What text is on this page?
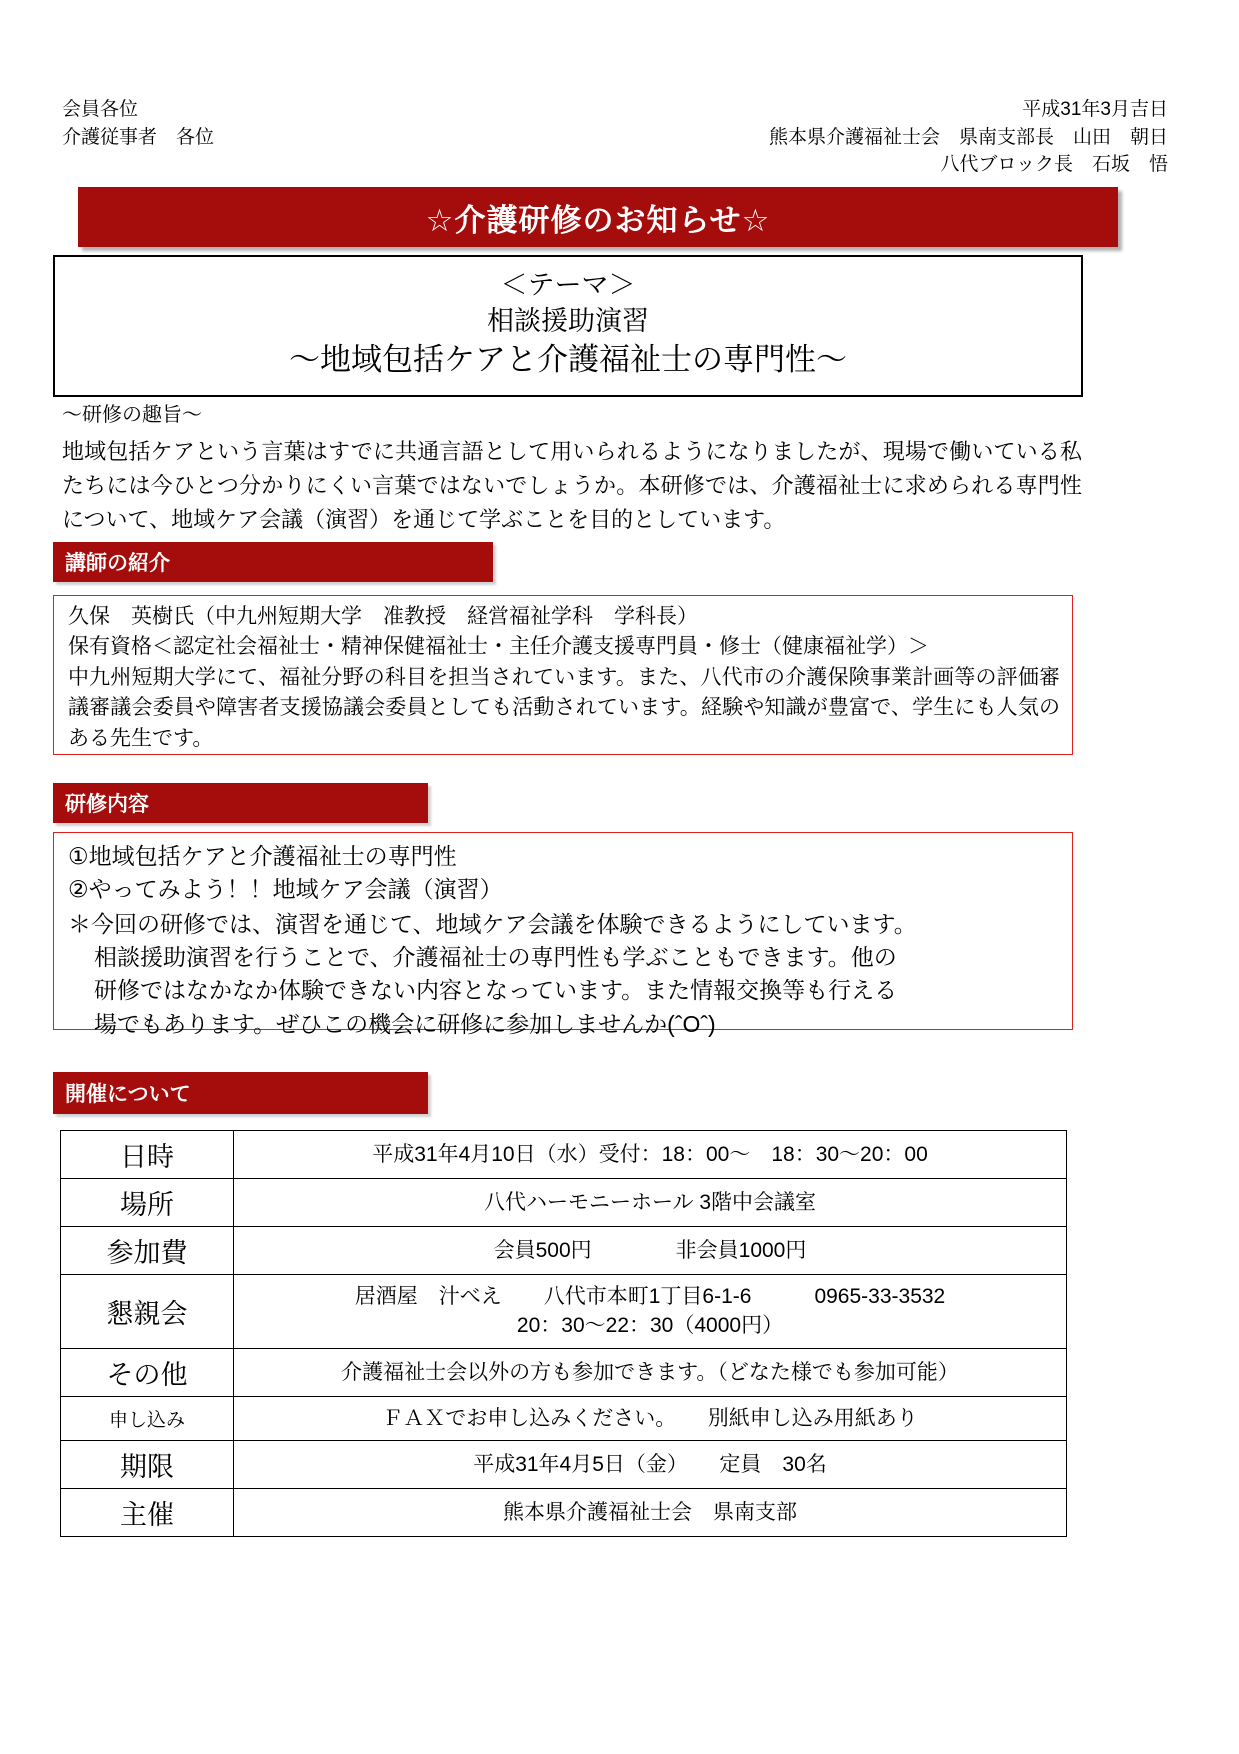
会員各位
介護従事者　各位
平成31年3月吉日
熊本県介護福祉士会　県南支部長　山田　朝日
八代ブロック長　石坂　悟
☆介護研修のお知らせ☆
＜テーマ＞
相談援助演習
〜地域包括ケアと介護福祉士の専門性〜
〜研修の趣旨〜
地域包括ケアという言葉はすでに共通言語として用いられるようになりましたが、現場で働いている私たちには今ひとつ分かりにくい言葉ではないでしょうか。本研修では、介護福祉士に求められる専門性について、地域ケア会議（演習）を通じて学ぶことを目的としています。
講師の紹介
久保　英樹氏（中九州短期大学　准教授　経営福祉学科　学科長）
保有資格＜認定社会福祉士・精神保健福祉士・主任介護支援専門員・修士（健康福祉学）＞
中九州短期大学にて、福祉分野の科目を担当されています。また、八代市の介護保険事業計画等の評価審議審議会委員や障害者支援協議会委員としても活動されています。経験や知識が豊富で、学生にも人気のある先生です。
研修内容
①地域包括ケアと介護福祉士の専門性
②やってみよう！！地域ケア会議（演習）
＊今回の研修では、演習を通じて、地域ケア会議を体験できるようにしています。
相談援助演習を行うことで、介護福祉士の専門性も学ぶこともできます。他の
研修ではなかなか体験できない内容となっています。また情報交換等も行える
場でもあります。ぜひこの機会に研修に参加しませんか(ˆOˆ)
開催について
日時	平成31年4月10日（水）受付：18：00〜　18：30〜20：00
場所	八代ハーモニーホール 3階中会議室
参加費	会員500円　　　　非会員1000円
懇親会	居酒屋　汁べえ　　八代市本町1丁目6-1-6　　　0965-33-3532
20：30〜22：30（4000円）

その他	介護福祉士会以外の方も参加できます。（どなた様でも参加可能）
申し込み	ＦＡＸでお申し込みください。　　別紙申し込み用紙あり
期限	平成31年4月5日（金）　　定員　30名
主催	熊本県介護福祉士会　県南支部
